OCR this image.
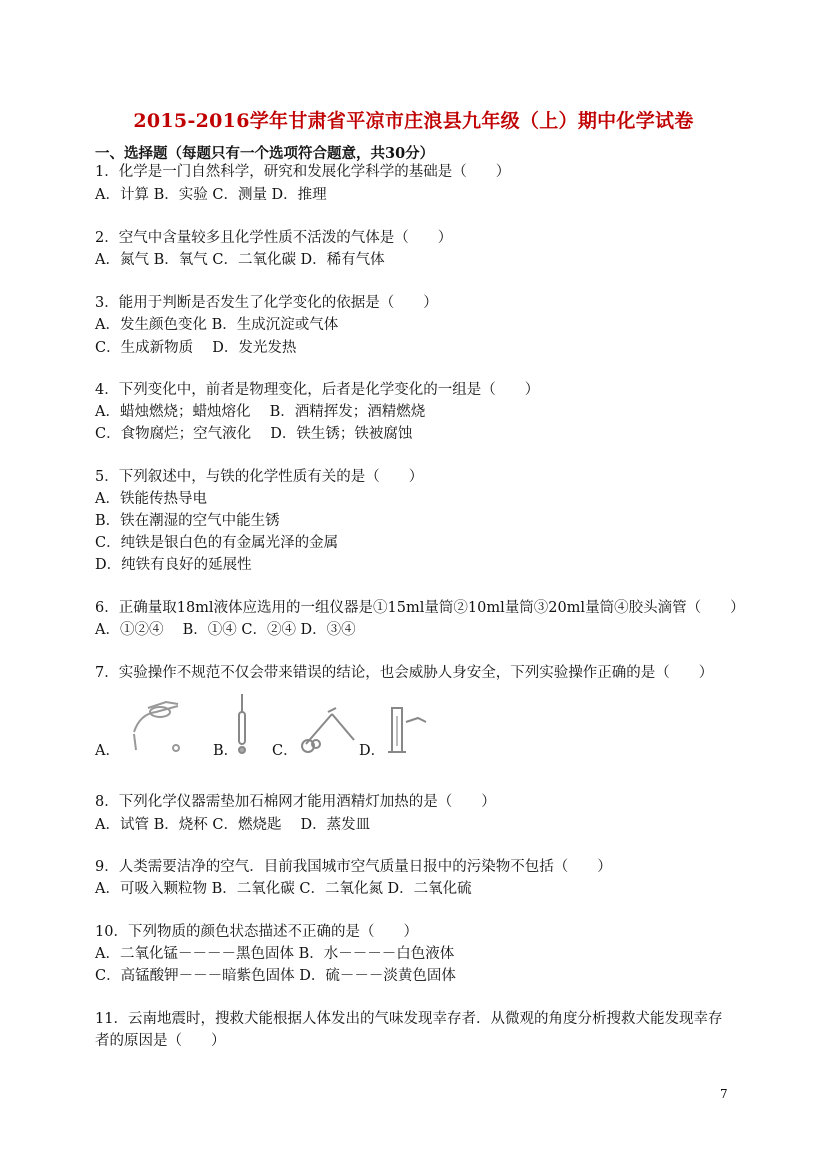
2015-2016学年甘肃省平凉市庄浪县九年级（上）期中化学试卷
一、选择题（每题只有一个选项符合题意，共30分）
1．化学是一门自然科学，研究和发展化学科学的基础是（　　）
A．计算 B．实验 C．测量 D．推理
2．空气中含量较多且化学性质不活泼的气体是（　　）
A．氮气 B．氧气 C．二氧化碳 D．稀有气体
3．能用于判断是否发生了化学变化的依据是（　　）
A．发生颜色变化 B．生成沉淀或气体
C．生成新物质　 D．发光发热
4．下列变化中，前者是物理变化，后者是化学变化的一组是（　　）
A．蜡烛燃烧；蜡烛熔化　 B．酒精挥发；酒精燃烧
C．食物腐烂；空气液化　 D．铁生锈；铁被腐蚀
5．下列叙述中，与铁的化学性质有关的是（　　）
A．铁能传热导电
B．铁在潮湿的空气中能生锈
C．纯铁是银白色的有金属光泽的金属
D．纯铁有良好的延展性
6．正确量取18ml液体应选用的一组仪器是①15ml量筒②10ml量筒③20ml量筒④胶头滴管（　　）
A．①②④　 B．①④ C．②④ D．③④
7．实验操作不规范不仅会带来错误的结论，也会威胁人身安全，下列实验操作正确的是（　　）
A．	B． C．	D．
8．下列化学仪器需垫加石棉网才能用酒精灯加热的是（　　）
A．试管 B．烧杯 C．燃烧匙　 D．蒸发皿
9．人类需要洁净的空气．目前我国城市空气质量日报中的污染物不包括（　　）
A．可吸入颗粒物 B．二氧化碳 C．二氧化氮 D．二氧化硫
10．下列物质的颜色状态描述不正确的是（　　）
A．二氧化锰－－－－黑色固体 B．水－－－－白色液体
C．高锰酸钾－－－暗紫色固体 D．硫－－－淡黄色固体
11．云南地震时，搜救犬能根据人体发出的气味发现幸存者．从微观的角度分析搜救犬能发现幸存
者的原因是（　　）
7
